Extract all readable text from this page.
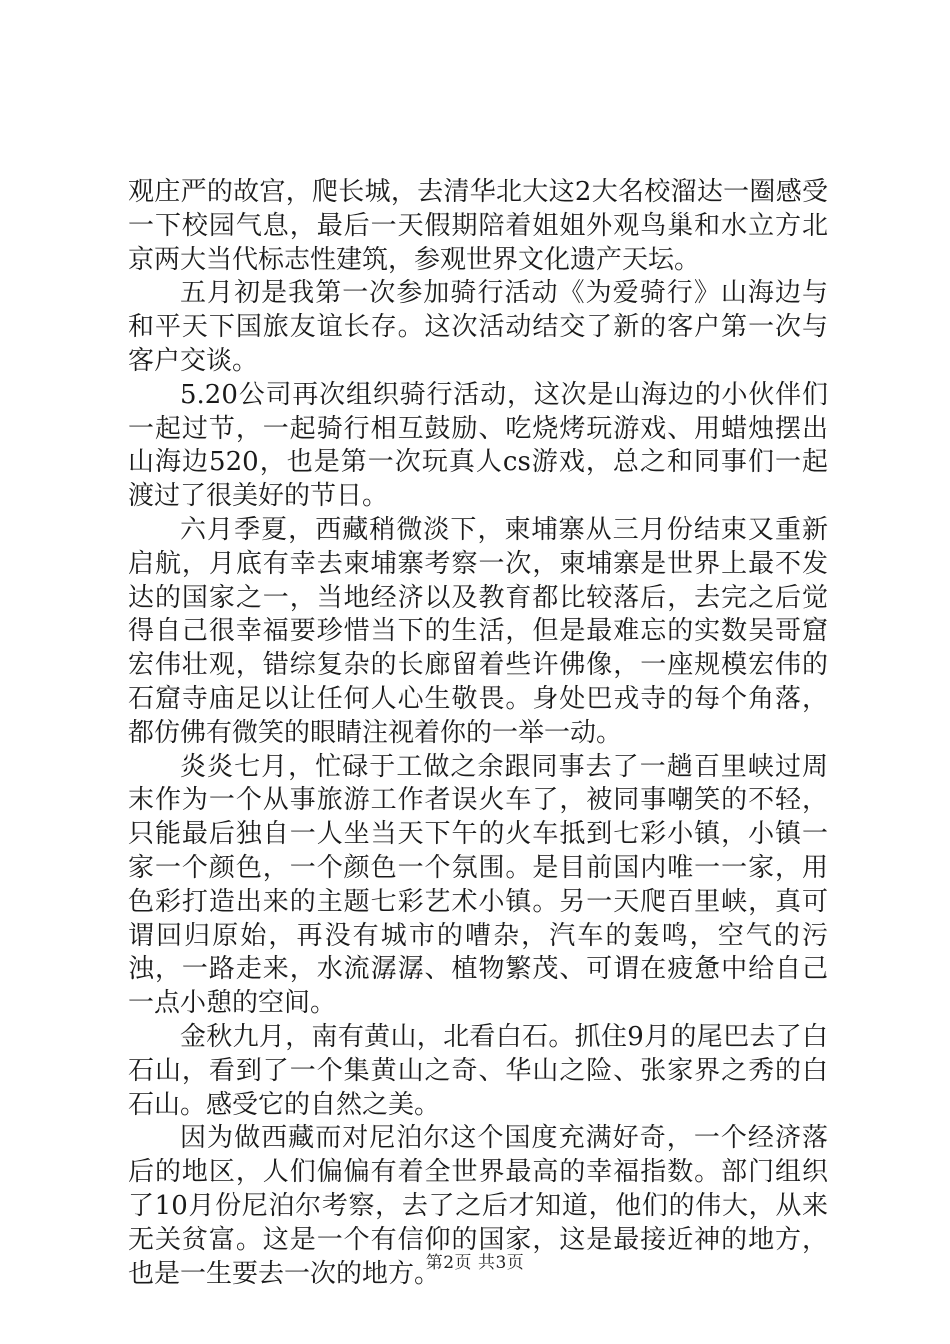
观庄严的故宫，爬长城，去清华北大这2大名校溜达一圈感受一下校园气息，最后一天假期陪着姐姐外观鸟巢和水立方北京两大当代标志性建筑，参观世界文化遗产天坛。

五月初是我第一次参加骑行活动《为爱骑行》山海边与和平天下国旅友谊长存。这次活动结交了新的客户第一次与客户交谈。

5.20公司再次组织骑行活动，这次是山海边的小伙伴们一起过节，一起骑行相互鼓励、吃烧烤玩游戏、用蜡烛摆出山海边520，也是第一次玩真人cs游戏，总之和同事们一起渡过了很美好的节日。

六月季夏，西藏稍微淡下，柬埔寨从三月份结束又重新启航，月底有幸去柬埔寨考察一次，柬埔寨是世界上最不发达的国家之一，当地经济以及教育都比较落后，去完之后觉得自己很幸福要珍惜当下的生活，但是最难忘的实数吴哥窟宏伟壮观，错综复杂的长廊留着些许佛像，一座规模宏伟的石窟寺庙足以让任何人心生敬畏。身处巴戎寺的每个角落，都仿佛有微笑的眼睛注视着你的一举一动。

炎炎七月，忙碌于工做之余跟同事去了一趟百里峡过周末作为一个从事旅游工作者误火车了，被同事嘲笑的不轻，只能最后独自一人坐当天下午的火车抵到七彩小镇，小镇一家一个颜色，一个颜色一个氛围。是目前国内唯一一家，用色彩打造出来的主题七彩艺术小镇。另一天爬百里峡，真可谓回归原始，再没有城市的嘈杂，汽车的轰鸣，空气的污浊，一路走来，水流潺潺、植物繁茂、可谓在疲惫中给自己一点小憩的空间。

金秋九月，南有黄山，北看白石。抓住9月的尾巴去了白石山，看到了一个集黄山之奇、华山之险、张家界之秀的白石山。感受它的自然之美。

因为做西藏而对尼泊尔这个国度充满好奇，一个经济落后的地区，人们偏偏有着全世界最高的幸福指数。部门组织了10月份尼泊尔考察，去了之后才知道，他们的伟大，从来无关贫富。这是一个有信仰的国家，这是最接近神的地方，也是一生要去一次的地方。

第2页 共3页
